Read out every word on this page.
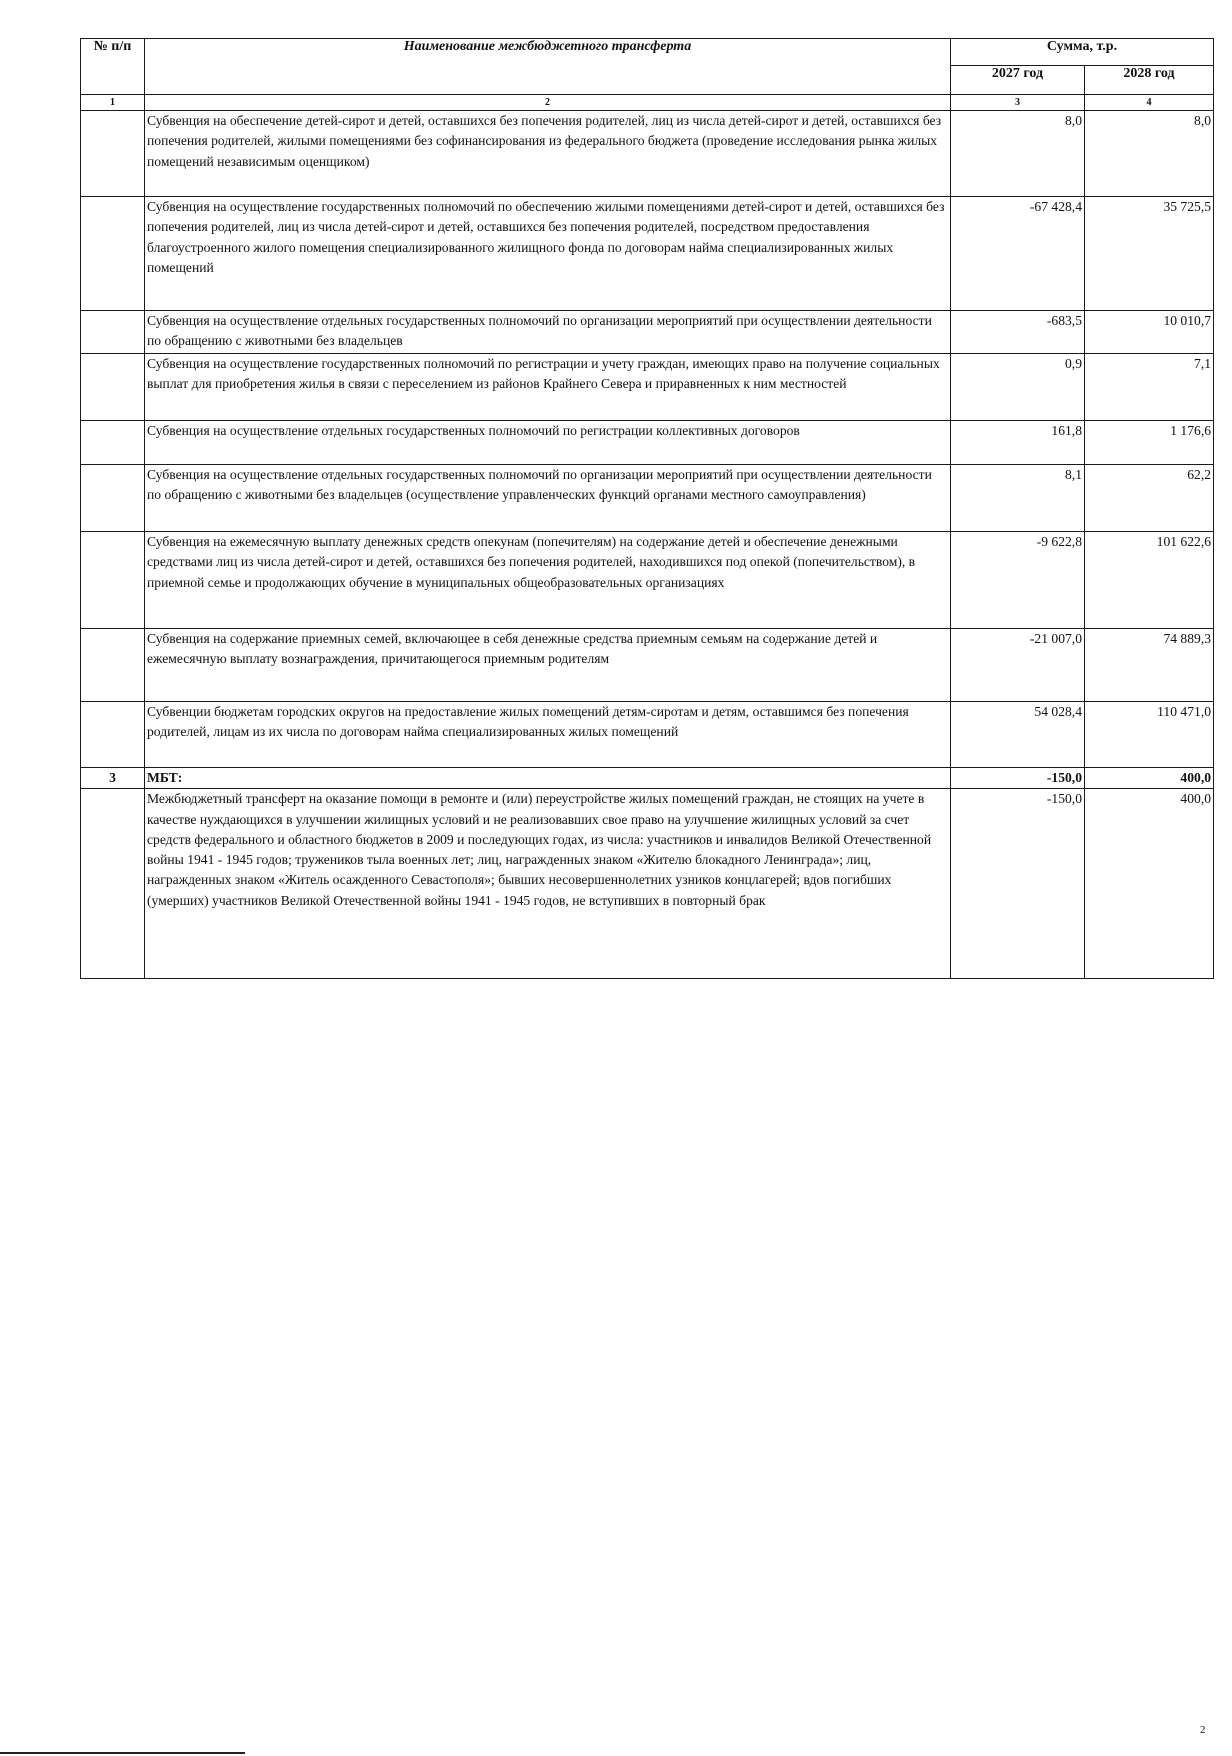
№ п/п	Наименование межбюджетного трансферта	Сумма, т.р.	
		2027 год	2028 год
1	2	3	4
	Субвенция на обеспечение детей-сирот и детей, оставшихся без попечения родителей, лиц из числа детей-сирот и детей, оставшихся без попечения родителей, жилыми помещениями без софинансирования из федерального бюджета (проведение исследования рынка жилых помещений независимым оценщиком)	8,0	8,0
	Субвенция на осуществление государственных полномочий по обеспечению жилыми помещениями детей-сирот и детей, оставшихся без попечения родителей, лиц из числа детей-сирот и детей, оставшихся без попечения родителей, посредством предоставления благоустроенного жилого помещения специализированного жилищного фонда по договорам найма специализированных жилых помещений	-67 428,4	35 725,5
	Субвенция на осуществление отдельных государственных полномочий по организации мероприятий при осуществлении деятельности по обращению с животными без владельцев	-683,5	10 010,7
	Субвенция на осуществление государственных полномочий по регистрации и учету граждан, имеющих право на получение социальных выплат для приобретения жилья в связи с переселением из районов Крайнего Севера и приравненных к ним местностей	0,9	7,1
	Субвенция на осуществление отдельных государственных полномочий по регистрации коллективных договоров	161,8	1 176,6
	Субвенция на осуществление отдельных государственных полномочий по организации мероприятий при осуществлении деятельности по обращению с животными без владельцев (осуществление управленческих функций органами местного самоуправления)	8,1	62,2
	Субвенция на ежемесячную выплату денежных средств опекунам (попечителям) на содержание детей и обеспечение денежными средствами лиц из числа детей-сирот и детей, оставшихся без попечения родителей, находившихся под опекой (попечительством), в приемной семье и продолжающих обучение в муниципальных общеобразовательных организациях	-9 622,8	101 622,6
	Субвенция на содержание приемных семей, включающее в себя денежные средства приемным семьям на содержание детей и ежемесячную выплату вознаграждения, причитающегося приемным родителям	-21 007,0	74 889,3
	Субвенции бюджетам городских округов на предоставление жилых помещений детям-сиротам и детям, оставшимся без попечения родителей, лицам из их числа по договорам найма специализированных жилых помещений	54 028,4	110 471,0
3	МБТ:	-150,0	400,0
	Межбюджетный трансферт на оказание помощи в ремонте и (или) переустройстве жилых помещений граждан, не стоящих на учете в качестве нуждающихся в улучшении жилищных условий и не реализовавших свое право на улучшение жилищных условий за счет средств федерального и областного бюджетов в 2009 и последующих годах, из числа: участников и инвалидов Великой Отечественной войны 1941 - 1945 годов; тружеников тыла военных лет; лиц, награжденных знаком «Жителю блокадного Ленинграда»; лиц, награжденных знаком «Житель осажденного Севастополя»; бывших несовершеннолетних узников концлагерей; вдов погибших (умерших) участников Великой Отечественной войны 1941 - 1945 годов, не вступивших в повторный брак	-150,0	400,0
2
